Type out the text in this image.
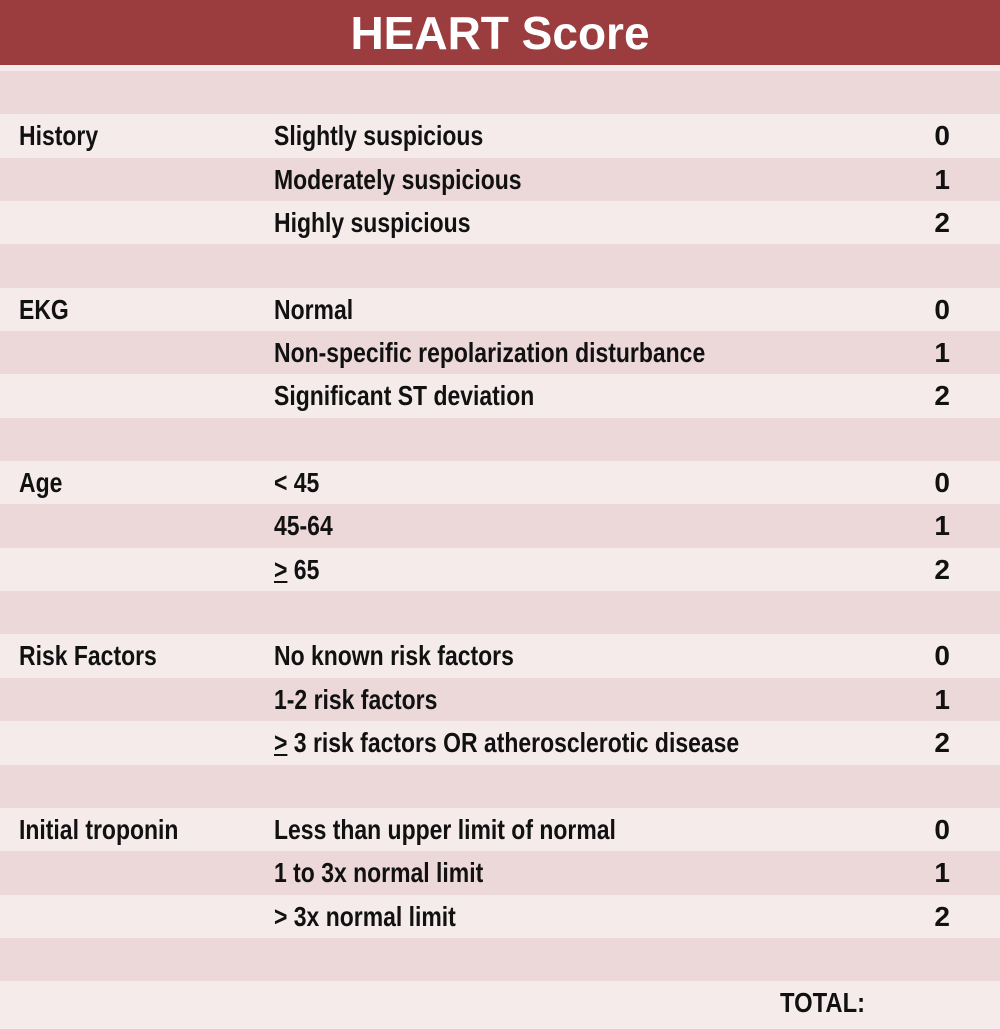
HEART Score
History	Slightly suspicious	0
Moderately suspicious	1
Highly suspicious	2
EKG	Normal	0
Non-specific repolarization disturbance	1
Significant ST deviation	2
Age	< 45	0
45-64	1
> 65	2
Risk Factors	No known risk factors	0
1-2 risk factors	1
> 3 risk factors OR atherosclerotic disease	2
Initial troponin	Less than upper limit of normal	0
1 to 3x normal limit	1
> 3x normal limit	2
TOTAL:
